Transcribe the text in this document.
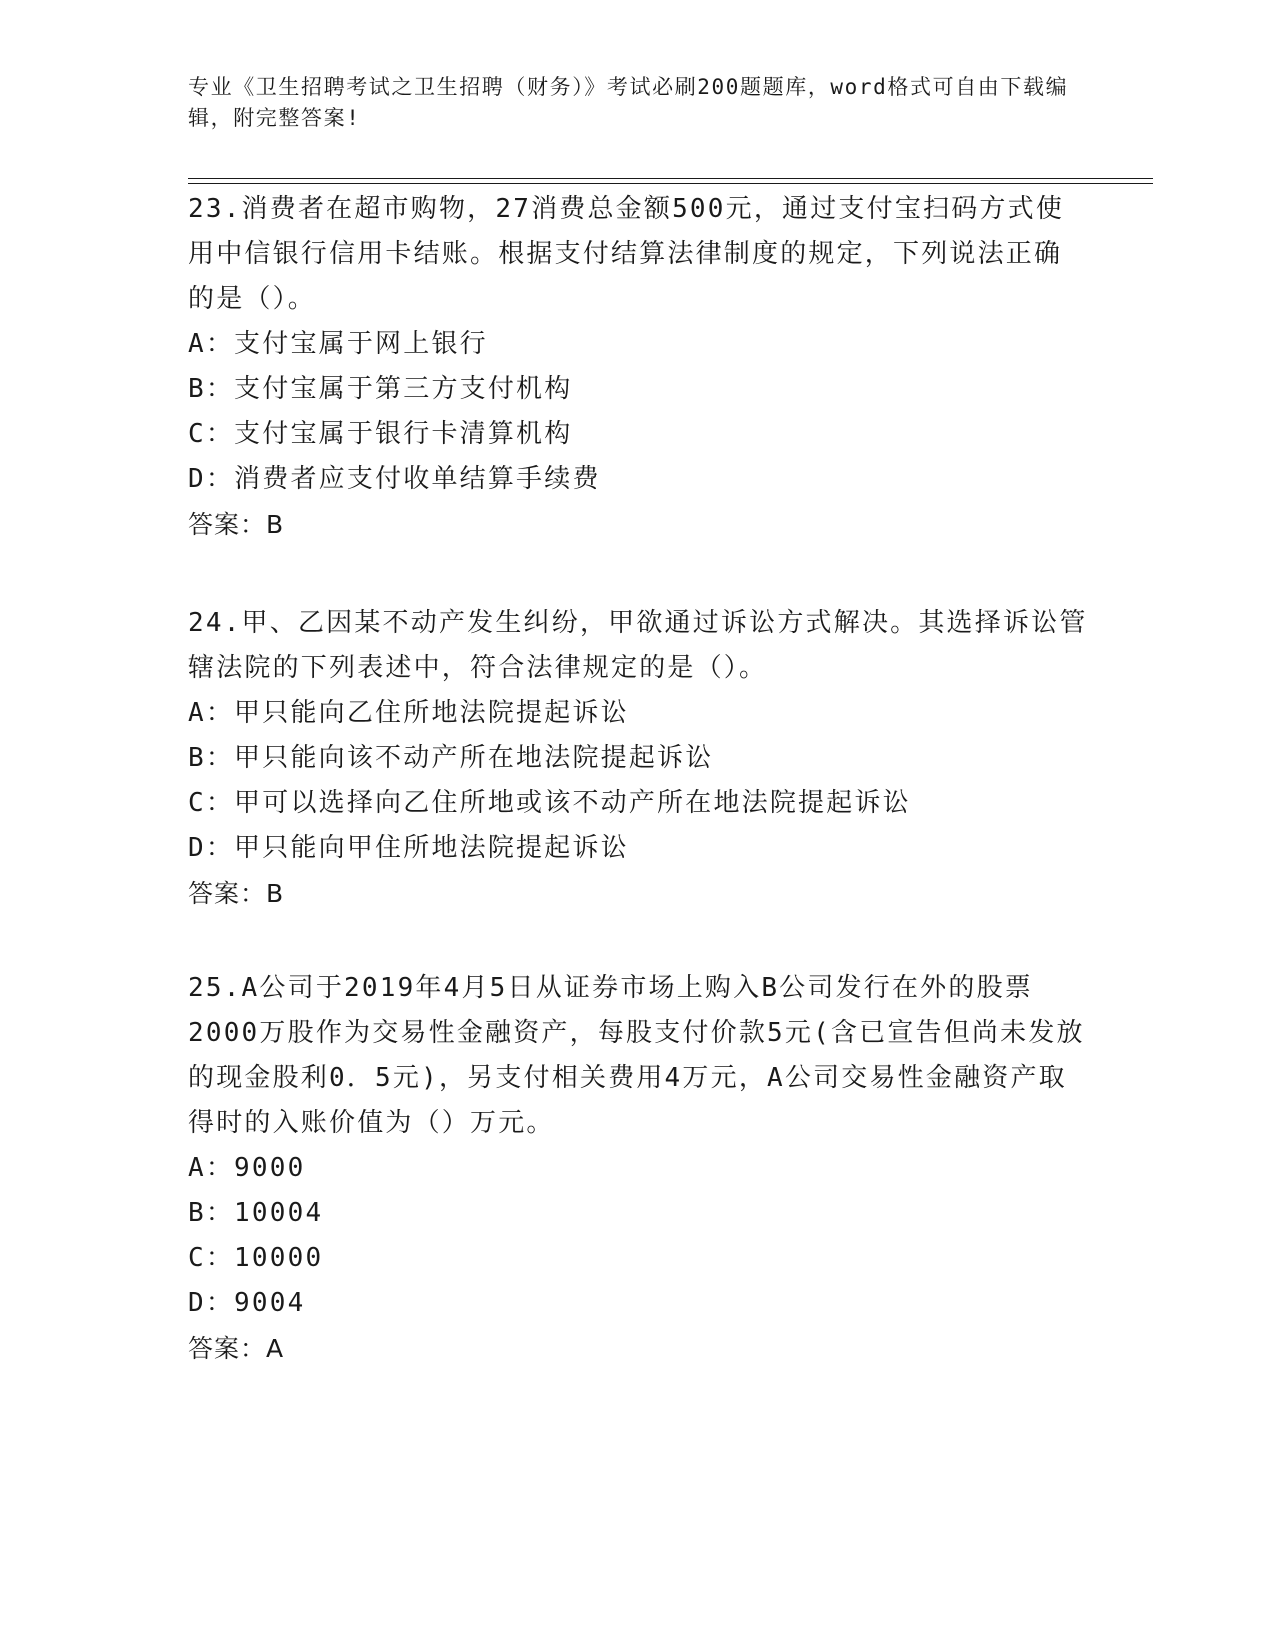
专业《卫生招聘考试之卫生招聘（财务）》考试必刷200题题库，word格式可自由下载编辑，附完整答案!

23.消费者在超市购物，27消费总金额500元，通过支付宝扫码方式使用中信银行信用卡结账。根据支付结算法律制度的规定，下列说法正确的是（）。

A：支付宝属于网上银行

B：支付宝属于第三方支付机构

C：支付宝属于银行卡清算机构

D：消费者应支付收单结算手续费

答案：B

24.甲、乙因某不动产发生纠纷，甲欲通过诉讼方式解决。其选择诉讼管辖法院的下列表述中，符合法律规定的是（）。

A：甲只能向乙住所地法院提起诉讼

B：甲只能向该不动产所在地法院提起诉讼

C：甲可以选择向乙住所地或该不动产所在地法院提起诉讼

D：甲只能向甲住所地法院提起诉讼

答案：B

25.A公司于2019年4月5日从证券市场上购入B公司发行在外的股票2000万股作为交易性金融资产，每股支付价款5元(含已宣告但尚未发放的现金股利0．5元)，另支付相关费用4万元，A公司交易性金融资产取得时的入账价值为（）万元。

A：9000

B：10004

C：10000

D：9004

答案：A
